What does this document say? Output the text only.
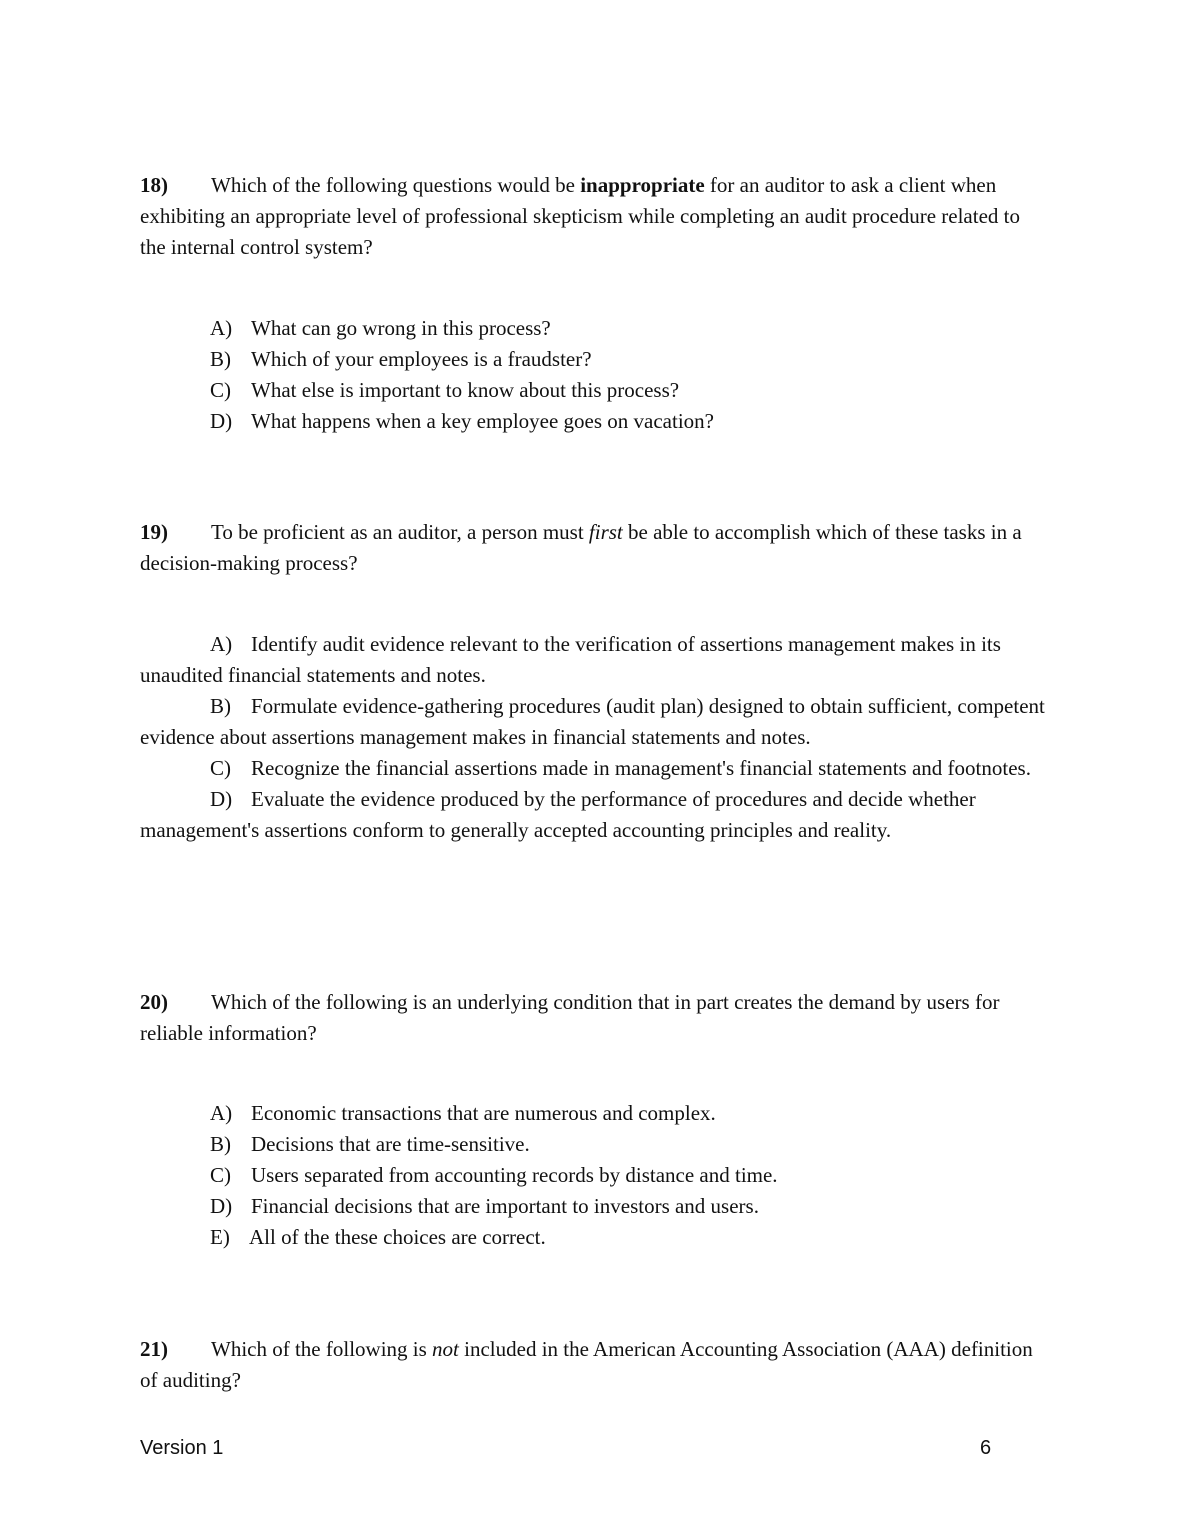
18) Which of the following questions would be inappropriate for an auditor to ask a client when exhibiting an appropriate level of professional skepticism while completing an audit procedure related to the internal control system?
A) What can go wrong in this process?
B) Which of your employees is a fraudster?
C) What else is important to know about this process?
D) What happens when a key employee goes on vacation?
19) To be proficient as an auditor, a person must first be able to accomplish which of these tasks in a decision-making process?
A) Identify audit evidence relevant to the verification of assertions management makes in its unaudited financial statements and notes.
B) Formulate evidence-gathering procedures (audit plan) designed to obtain sufficient, competent evidence about assertions management makes in financial statements and notes.
C) Recognize the financial assertions made in management's financial statements and footnotes.
D) Evaluate the evidence produced by the performance of procedures and decide whether management's assertions conform to generally accepted accounting principles and reality.
20) Which of the following is an underlying condition that in part creates the demand by users for reliable information?
A) Economic transactions that are numerous and complex.
B) Decisions that are time-sensitive.
C) Users separated from accounting records by distance and time.
D) Financial decisions that are important to investors and users.
E) All of the these choices are correct.
21) Which of the following is not included in the American Accounting Association (AAA) definition of auditing?
Version 1	6
